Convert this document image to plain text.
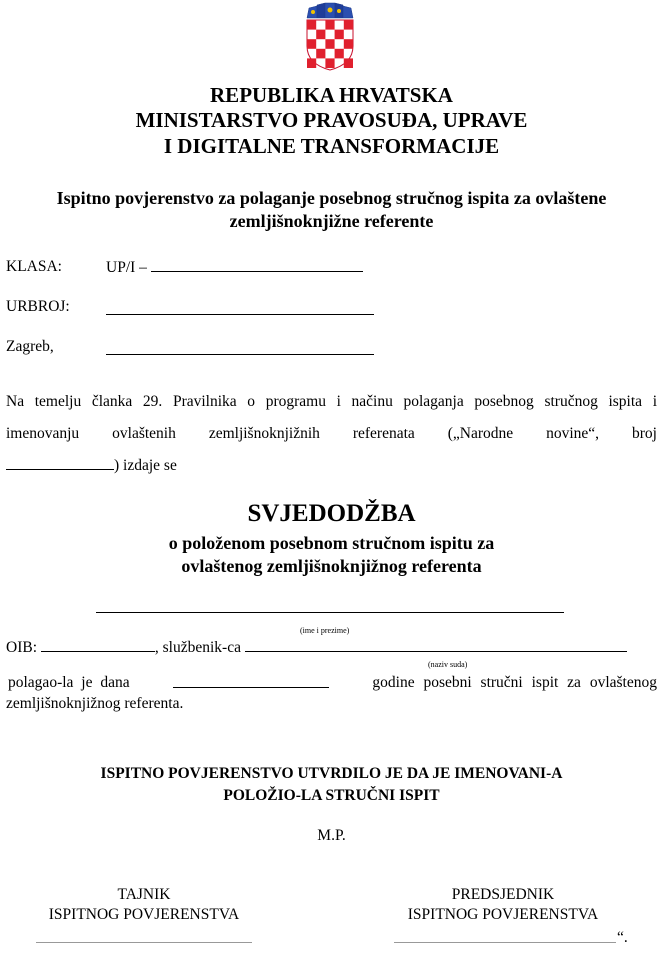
REPUBLIKA HRVATSKA
MINISTARSTVO PRAVOSUĐA, UPRAVE
I DIGITALNE TRANSFORMACIJE
Ispitno povjerenstvo za polaganje posebnog stručnog ispita za ovlaštene
zemljišnoknjižne referente
KLASA:	UP/I –
URBROJ:
Zagreb,
Na temelju članka 29. Pravilnika o programu i načinu polaganja posebnog stručnog ispita i
imenovanju ovlaštenih zemljišnoknjižnih referenata („Narodne novine“, broj
) izdaje se
SVJEDODŽBA
o položenom posebnom stručnom ispitu za
ovlaštenog zemljišnoknjižnog referenta
(ime i prezime)
OIB:	, službenik-ca
(naziv suda)
polagao-la je dana	godine posebni stručni ispit za ovlaštenog
zemljišnoknjižnog referenta.
ISPITNO POVJERENSTVO UTVRDILO JE DA JE IMENOVANI-A
POLOŽIO-LA STRUČNI ISPIT
M.P.
TAJNIK
ISPITNOG POVJERENSTVA
PREDSJEDNIK
ISPITNOG POVJERENSTVA
“.
